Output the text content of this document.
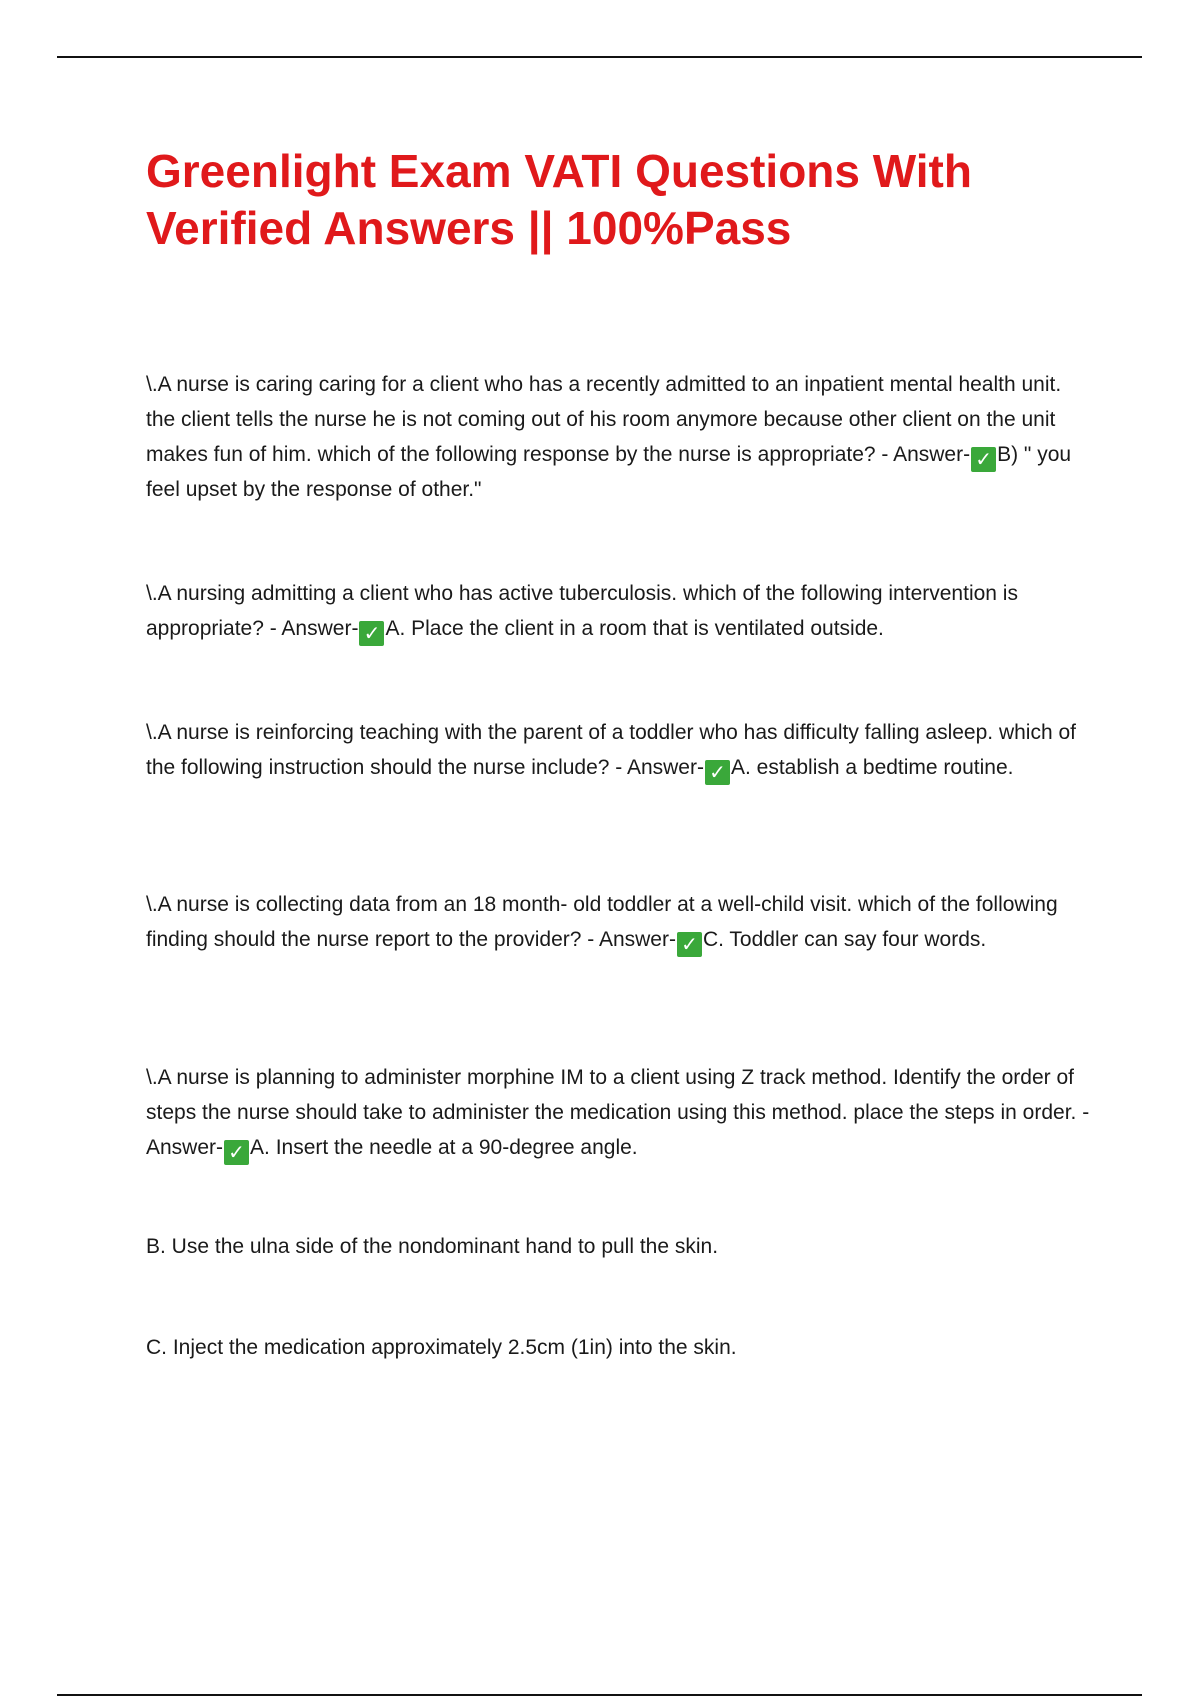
Greenlight Exam VATI Questions With
Verified Answers || 100%Pass

\.A nurse is caring caring for a client who has a recently admitted to an inpatient mental health unit. the client tells the nurse he is not coming out of his room anymore because other client on the unit makes fun of him. which of the following response by the nurse is appropriate? - Answer- ✓ B) " you feel upset by the response of other."

\.A nursing admitting a client who has active tuberculosis. which of the following intervention is appropriate? - Answer- ✓ A. Place the client in a room that is ventilated outside.

\.A nurse is reinforcing teaching with the parent of a toddler who has difficulty falling asleep. which of the following instruction should the nurse include? - Answer- ✓ A. establish a bedtime routine.

\.A nurse is collecting data from an 18 month- old toddler at a well-child visit. which of the following finding should the nurse report to the provider? - Answer- ✓ C. Toddler can say four words.

\.A nurse is planning to administer morphine IM to a client using Z track method. Identify the order of steps the nurse should take to administer the medication using this method. place the steps in order. - Answer- ✓ A. Insert the needle at a 90-degree angle.

B. Use the ulna side of the nondominant hand to pull the skin.

C. Inject the medication approximately 2.5cm (1in) into the skin.
